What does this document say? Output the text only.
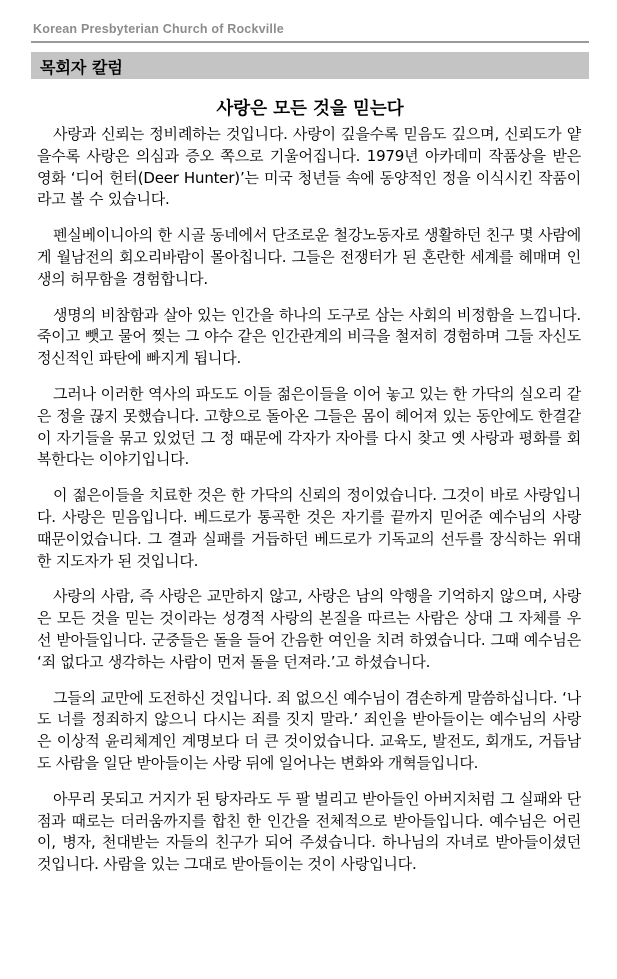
Korean Presbyterian Church of Rockville
목회자 칼럼
사랑은 모든 것을 믿는다

사랑과 신뢰는 정비례하는 것입니다. 사랑이 깊을수록 믿음도 깊으며, 신뢰도가 얕을수록 사랑은 의심과 증오 쪽으로 기울어집니다. 1979년 아카데미 작품상을 받은 영화 ‘디어 헌터(Deer Hunter)’는 미국 청년들 속에 동양적인 정을 이식시킨 작품이라고 볼 수 있습니다.

펜실베이니아의 한 시골 동네에서 단조로운 철강노동자로 생활하던 친구 몇 사람에게 월남전의 회오리바람이 몰아칩니다. 그들은 전쟁터가 된 혼란한 세계를 헤매며 인생의 허무함을 경험합니다.

생명의 비참함과 살아 있는 인간을 하나의 도구로 삼는 사회의 비정함을 느낍니다. 죽이고 뺏고 물어 찢는 그 야수 같은 인간관계의 비극을 철저히 경험하며 그들 자신도 정신적인 파탄에 빠지게 됩니다.

그러나 이러한 역사의 파도도 이들 젊은이들을 이어 놓고 있는 한 가닥의 실오리 같은 정을 끊지 못했습니다. 고향으로 돌아온 그들은 몸이 헤어져 있는 동안에도 한결같이 자기들을 묶고 있었던 그 정 때문에 각자가 자아를 다시 찾고 옛 사랑과 평화를 회복한다는 이야기입니다.

이 젊은이들을 치료한 것은 한 가닥의 신뢰의 정이었습니다. 그것이 바로 사랑입니다. 사랑은 믿음입니다. 베드로가 통곡한 것은 자기를 끝까지 믿어준 예수님의 사랑 때문이었습니다. 그 결과 실패를 거듭하던 베드로가 기독교의 선두를 장식하는 위대한 지도자가 된 것입니다.

사랑의 사람, 즉 사랑은 교만하지 않고, 사랑은 남의 악행을 기억하지 않으며, 사랑은 모든 것을 믿는 것이라는 성경적 사랑의 본질을 따르는 사람은 상대 그 자체를 우선 받아들입니다. 군중들은 돌을 들어 간음한 여인을 치려 하였습니다. 그때 예수님은 ‘죄 없다고 생각하는 사람이 먼저 돌을 던져라.’고 하셨습니다.

그들의 교만에 도전하신 것입니다. 죄 없으신 예수님이 겸손하게 말씀하십니다. ‘나도 너를 정죄하지 않으니 다시는 죄를 짓지 말라.’ 죄인을 받아들이는 예수님의 사랑은 이상적 윤리체계인 계명보다 더 큰 것이었습니다. 교육도, 발전도, 회개도, 거듭남도 사람을 일단 받아들이는 사랑 뒤에 일어나는 변화와 개혁들입니다.

아무리 못되고 거지가 된 탕자라도 두 팔 벌리고 받아들인 아버지처럼 그 실패와 단점과 때로는 더러움까지를 합친 한 인간을 전체적으로 받아들입니다. 예수님은 어린이, 병자, 천대받는 자들의 친구가 되어 주셨습니다. 하나님의 자녀로 받아들이셨던 것입니다. 사람을 있는 그대로 받아들이는 것이 사랑입니다.
